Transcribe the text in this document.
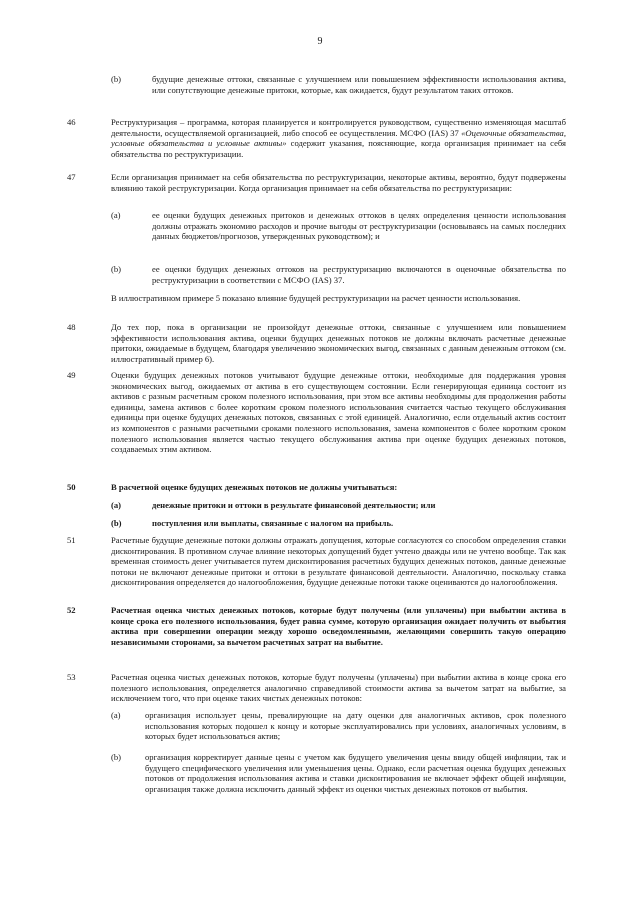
9
(b)	будущие денежные оттоки, связанные с улучшением или повышением эффективности использования актива, или сопутствующие денежные притоки, которые, как ожидается, будут результатом таких оттоков.
46	Реструктуризация – программа, которая планируется и контролируется руководством, существенно изменяющая масштаб деятельности, осуществляемой организацией, либо способ ее осуществления. МСФО (IAS) 37 «Оценочные обязательства, условные обязательства и условные активы» содержит указания, поясняющие, когда организация принимает на себя обязательства по реструктуризации.
47	Если организация принимает на себя обязательства по реструктуризации, некоторые активы, вероятно, будут подвержены влиянию такой реструктуризации. Когда организация принимает на себя обязательства по реструктуризации:
(a)	ее оценки будущих денежных притоков и денежных оттоков в целях определения ценности использования должны отражать экономию расходов и прочие выгоды от реструктуризации (основываясь на самых последних данных бюджетов/прогнозов, утвержденных руководством); и
(b)	ее оценки будущих денежных оттоков на реструктуризацию включаются в оценочные обязательства по реструктуризации в соответствии с МСФО (IAS) 37.
В иллюстративном примере 5 показано влияние будущей реструктуризации на расчет ценности использования.
48	До тех пор, пока в организации не произойдут денежные оттоки, связанные с улучшением или повышением эффективности использования актива, оценки будущих денежных потоков не должны включать расчетные денежные притоки, ожидаемые в будущем, благодаря увеличению экономических выгод, связанных с данным денежным оттоком (см. иллюстративный пример 6).
49	Оценки будущих денежных потоков учитывают будущие денежные оттоки, необходимые для поддержания уровня экономических выгод, ожидаемых от актива в его существующем состоянии. Если генерирующая единица состоит из активов с разным расчетным сроком полезного использования, при этом все активы необходимы для продолжения работы единицы, замена активов с более коротким сроком полезного использования считается частью текущего обслуживания единицы при оценке будущих денежных потоков, связанных с этой единицей. Аналогично, если отдельный актив состоит из компонентов с разными расчетными сроками полезного использования, замена компонентов с более коротким сроком полезного использования является частью текущего обслуживания актива при оценке будущих денежных потоков, создаваемых этим активом.
50	В расчетной оценке будущих денежных потоков не должны учитываться:
(a)	денежные притоки и оттоки в результате финансовой деятельности; или
(b)	поступления или выплаты, связанные с налогом на прибыль.
51	Расчетные будущие денежные потоки должны отражать допущения, которые согласуются со способом определения ставки дисконтирования. В противном случае влияние некоторых допущений будет учтено дважды или не учтено вообще. Так как временная стоимость денег учитывается путем дисконтирования расчетных будущих денежных потоков, данные денежные потоки не включают денежные притоки и оттоки в результате финансовой деятельности. Аналогично, поскольку ставка дисконтирования определяется до налогообложения, будущие денежные потоки также оцениваются до налогообложения.
52	Расчетная оценка чистых денежных потоков, которые будут получены (или уплачены) при выбытии актива в конце срока его полезного использования, будет равна сумме, которую организация ожидает получить от выбытия актива при совершении операции между хорошо осведомленными, желающими совершить такую операцию независимыми сторонами, за вычетом расчетных затрат на выбытие.
53	Расчетная оценка чистых денежных потоков, которые будут получены (уплачены) при выбытии актива в конце срока его полезного использования, определяется аналогично справедливой стоимости актива за вычетом затрат на выбытие, за исключением того, что при оценке таких чистых денежных потоков:
(a)	организация использует цены, превалирующие на дату оценки для аналогичных активов, срок полезного использования которых подошел к концу и которые эксплуатировались при условиях, аналогичных условиям, в которых будет использоваться актив;
(b)	организация корректирует данные цены с учетом как будущего увеличения цены ввиду общей инфляции, так и будущего специфического увеличения или уменьшения цены. Однако, если расчетная оценка будущих денежных потоков от продолжения использования актива и ставки дисконтирования не включает эффект общей инфляции, организация также должна исключить данный эффект из оценки чистых денежных потоков от выбытия.
